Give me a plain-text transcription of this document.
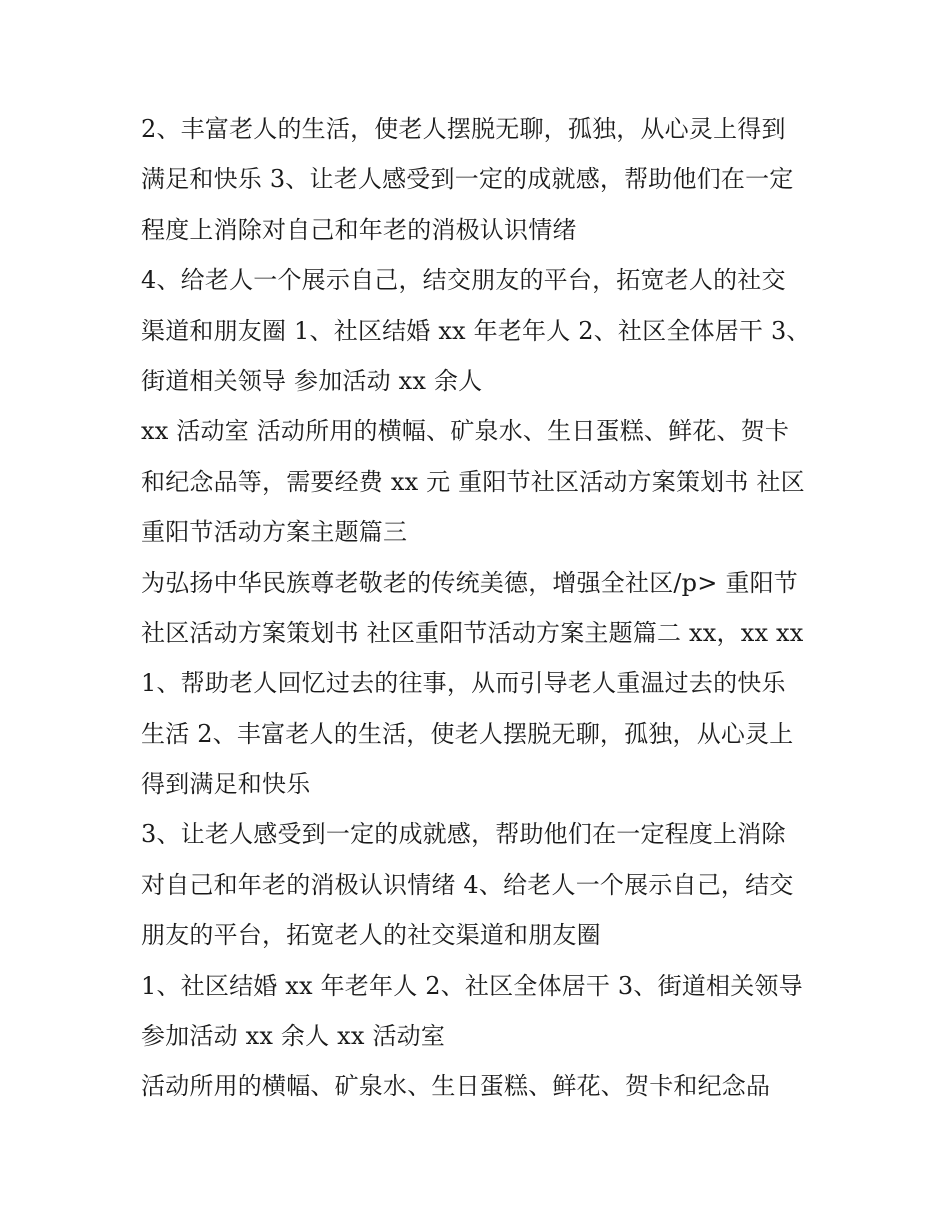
2、丰富老人的生活，使老人摆脱无聊，孤独，从心灵上得到
满足和快乐 3、让老人感受到一定的成就感，帮助他们在一定
程度上消除对自己和年老的消极认识情绪
4、给老人一个展示自己，结交朋友的平台，拓宽老人的社交
渠道和朋友圈 1、社区结婚 xx 年老年人 2、社区全体居干 3、
街道相关领导 参加活动 xx 余人
xx 活动室 活动所用的横幅、矿泉水、生日蛋糕、鲜花、贺卡
和纪念品等，需要经费 xx 元 重阳节社区活动方案策划书 社区
重阳节活动方案主题篇三
为弘扬中华民族尊老敬老的传统美德，增强全社区/p> 重阳节
社区活动方案策划书 社区重阳节活动方案主题篇二 xx，xx xx
1、帮助老人回忆过去的往事，从而引导老人重温过去的快乐
生活 2、丰富老人的生活，使老人摆脱无聊，孤独，从心灵上
得到满足和快乐
3、让老人感受到一定的成就感，帮助他们在一定程度上消除
对自己和年老的消极认识情绪 4、给老人一个展示自己，结交
朋友的平台，拓宽老人的社交渠道和朋友圈
1、社区结婚 xx 年老年人 2、社区全体居干 3、街道相关领导
参加活动 xx 余人 xx 活动室
活动所用的横幅、矿泉水、生日蛋糕、鲜花、贺卡和纪念品
